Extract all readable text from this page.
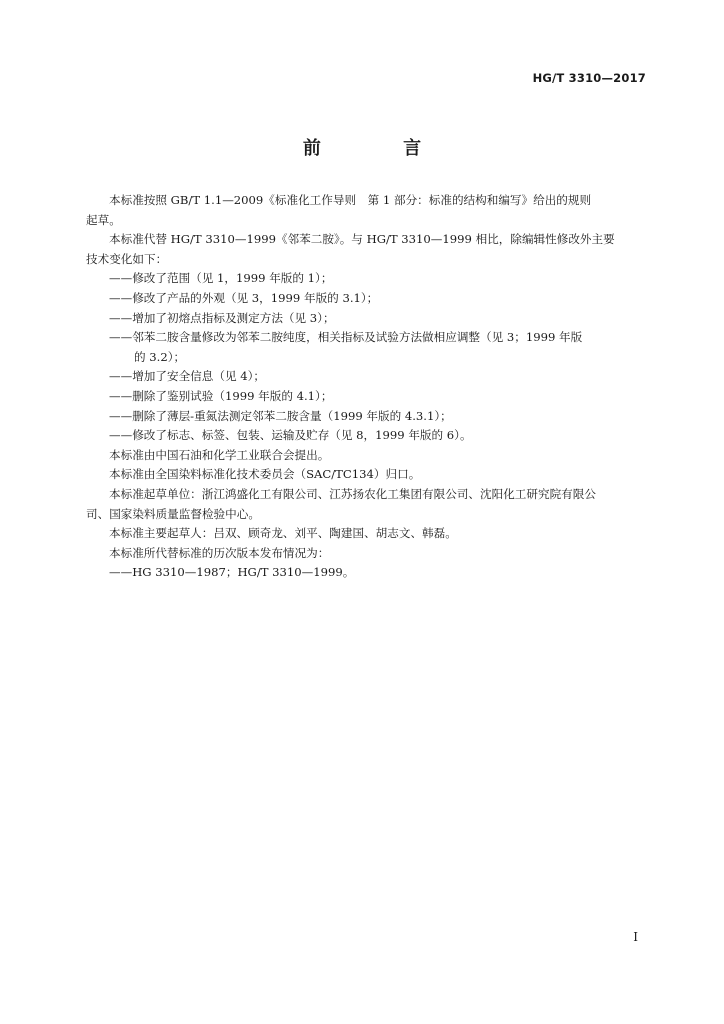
HG/T 3310—2017
前 言

本标准按照 GB/T 1.1—2009《标准化工作导则　第 1 部分：标准的结构和编写》给出的规则

起草。

本标准代替 HG/T 3310—1999《邻苯二胺》。与 HG/T 3310—1999 相比，除编辑性修改外主要

技术变化如下：

——修改了范围（见 1，1999 年版的 1）；

——修改了产品的外观（见 3，1999 年版的 3.1）；

——增加了初熔点指标及测定方法（见 3）；

——邻苯二胺含量修改为邻苯二胺纯度，相关指标及试验方法做相应调整（见 3；1999 年版

的 3.2）；

——增加了安全信息（见 4）；

——删除了鉴别试验（1999 年版的 4.1）；

——删除了薄层-重氮法测定邻苯二胺含量（1999 年版的 4.3.1）；

——修改了标志、标签、包装、运输及贮存（见 8，1999 年版的 6）。

本标准由中国石油和化学工业联合会提出。

本标准由全国染料标准化技术委员会（SAC/TC134）归口。

本标准起草单位：浙江鸿盛化工有限公司、江苏扬农化工集团有限公司、沈阳化工研究院有限公

司、国家染料质量监督检验中心。

本标准主要起草人：吕双、顾奇龙、刘平、陶建国、胡志文、韩磊。

本标准所代替标准的历次版本发布情况为：

——HG 3310—1987；HG/T 3310—1999。

I
